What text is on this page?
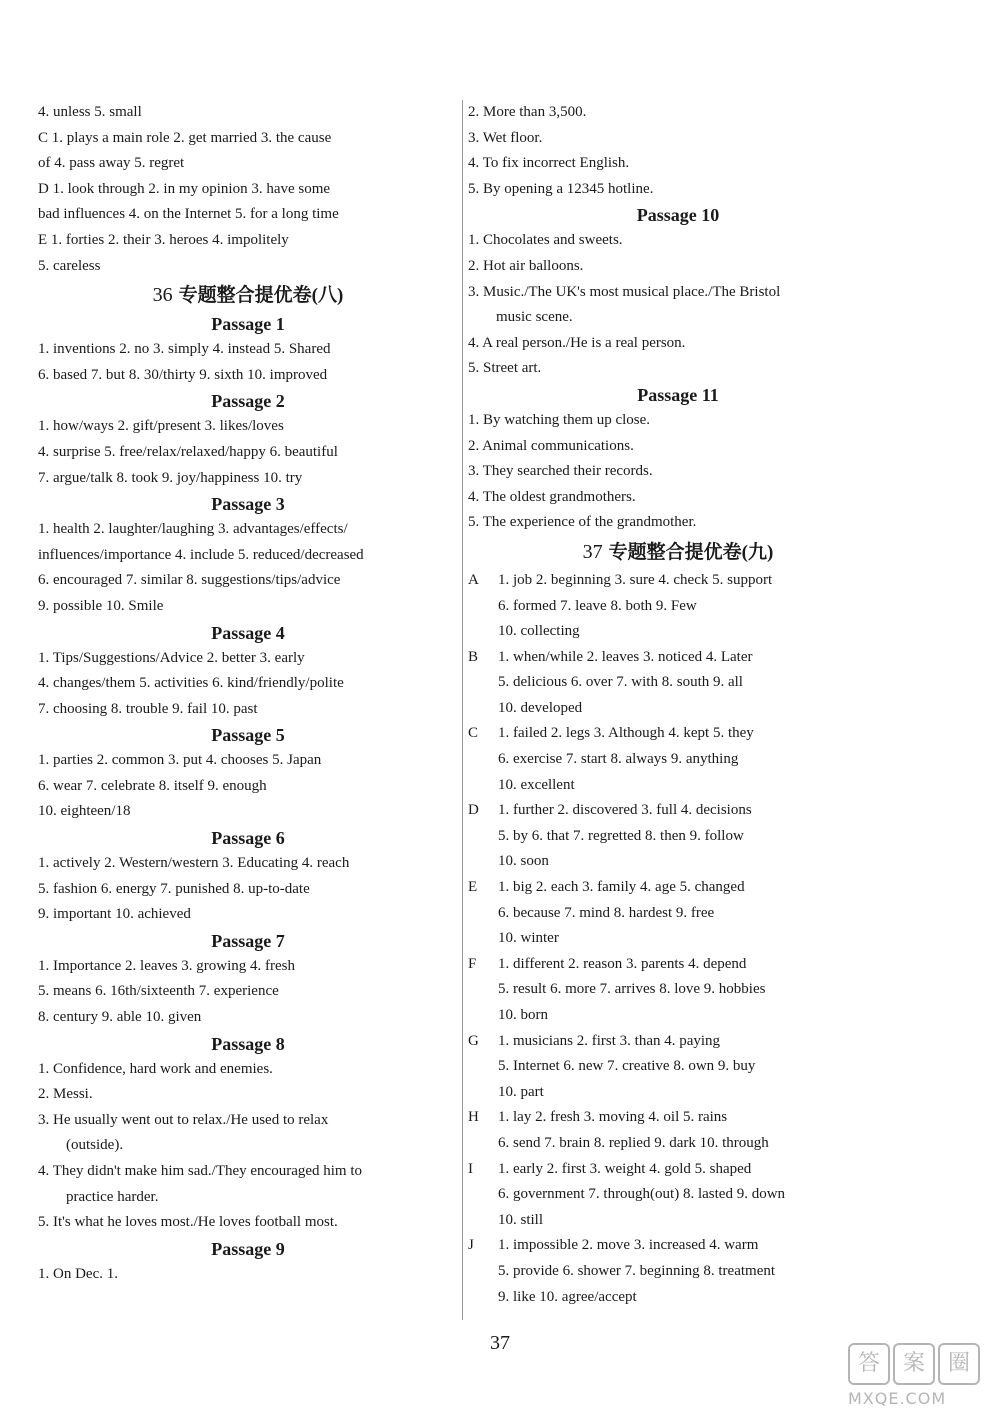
4. unless 5. small
C 1. plays a main role 2. get married 3. the cause
of 4. pass away 5. regret
D 1. look through 2. in my opinion 3. have some
bad influences 4. on the Internet 5. for a long time
E 1. forties 2. their 3. heroes 4. impolitely
5. careless
36 专题整合提优卷(八)
Passage 1
1. inventions 2. no 3. simply 4. instead 5. Shared
6. based 7. but 8. 30/thirty 9. sixth 10. improved
Passage 2
1. how/ways 2. gift/present 3. likes/loves
4. surprise 5. free/relax/relaxed/happy 6. beautiful
7. argue/talk 8. took 9. joy/happiness 10. try
Passage 3
1. health 2. laughter/laughing 3. advantages/effects/
influences/importance 4. include 5. reduced/decreased
6. encouraged 7. similar 8. suggestions/tips/advice
9. possible 10. Smile
Passage 4
1. Tips/Suggestions/Advice 2. better 3. early
4. changes/them 5. activities 6. kind/friendly/polite
7. choosing 8. trouble 9. fail 10. past
Passage 5
1. parties 2. common 3. put 4. chooses 5. Japan
6. wear 7. celebrate 8. itself 9. enough
10. eighteen/18
Passage 6
1. actively 2. Western/western 3. Educating 4. reach
5. fashion 6. energy 7. punished 8. up-to-date
9. important 10. achieved
Passage 7
1. Importance 2. leaves 3. growing 4. fresh
5. means 6. 16th/sixteenth 7. experience
8. century 9. able 10. given
Passage 8
1. Confidence, hard work and enemies.
2. Messi.
3. He usually went out to relax./He used to relax
(outside).
4. They didn't make him sad./They encouraged him to
practice harder.
5. It's what he loves most./He loves football most.
Passage 9
1. On Dec. 1.
2. More than 3,500.
3. Wet floor.
4. To fix incorrect English.
5. By opening a 12345 hotline.
Passage 10
1. Chocolates and sweets.
2. Hot air balloons.
3. Music./The UK's most musical place./The Bristol
music scene.
4. A real person./He is a real person.
5. Street art.
Passage 11
1. By watching them up close.
2. Animal communications.
3. They searched their records.
4. The oldest grandmothers.
5. The experience of the grandmother.
37 专题整合提优卷(九)
A 1. job 2. beginning 3. sure 4. check 5. support
6. formed 7. leave 8. both 9. Few
10. collecting
B 1. when/while 2. leaves 3. noticed 4. Later
5. delicious 6. over 7. with 8. south 9. all
10. developed
C 1. failed 2. legs 3. Although 4. kept 5. they
6. exercise 7. start 8. always 9. anything
10. excellent
D 1. further 2. discovered 3. full 4. decisions
5. by 6. that 7. regretted 8. then 9. follow
10. soon
E 1. big 2. each 3. family 4. age 5. changed
6. because 7. mind 8. hardest 9. free
10. winter
F 1. different 2. reason 3. parents 4. depend
5. result 6. more 7. arrives 8. love 9. hobbies
10. born
G 1. musicians 2. first 3. than 4. paying
5. Internet 6. new 7. creative 8. own 9. buy
10. part
H 1. lay 2. fresh 3. moving 4. oil 5. rains
6. send 7. brain 8. replied 9. dark 10. through
I 1. early 2. first 3. weight 4. gold 5. shaped
6. government 7. through(out) 8. lasted 9. down
10. still
J 1. impossible 2. move 3. increased 4. warm
5. provide 6. shower 7. beginning 8. treatment
9. like 10. agree/accept
37
答 案 圈
MXQE.COM
